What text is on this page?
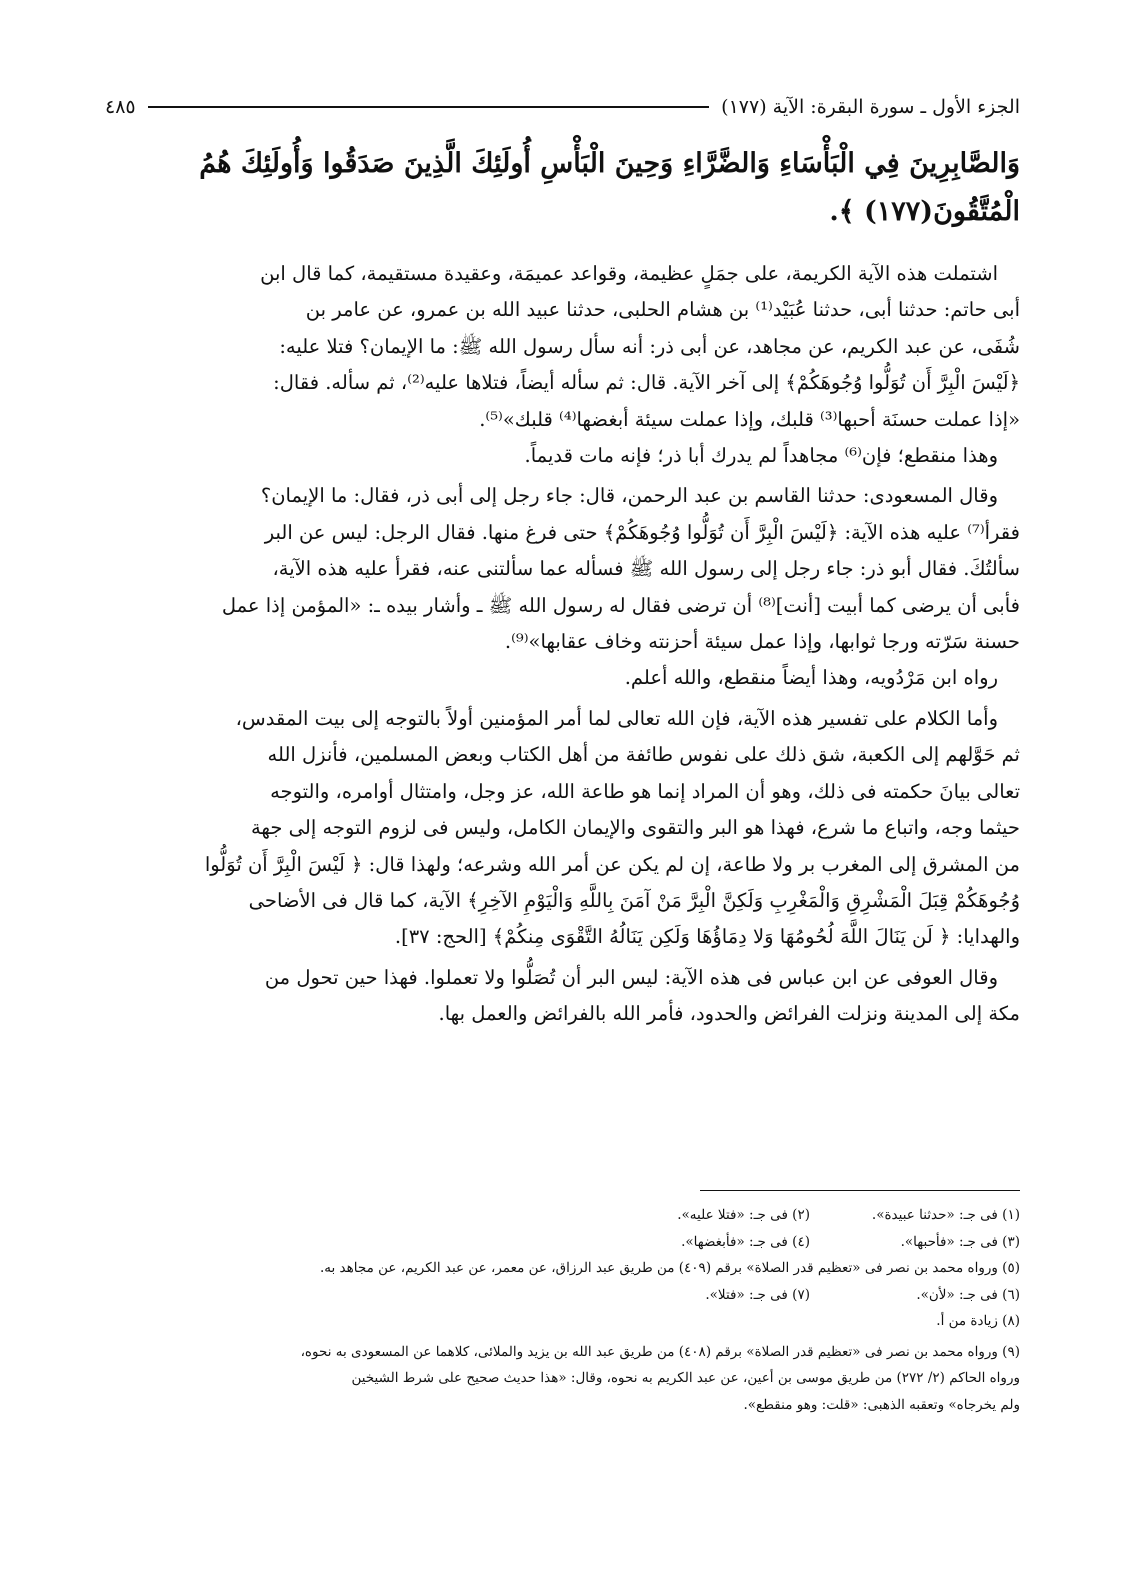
الجزء الأول ـ سورة البقرة: الآية (١٧٧)
٤٨٥
وَالصَّابِرِينَ فِي الْبَأْسَاءِ وَالضَّرَّاءِ وَحِينَ الْبَأْسِ أُولَئِكَ الَّذِينَ صَدَقُوا وَأُولَئِكَ هُمُ
الْمُتَّقُونَ(١٧٧) ﴾.

اشتملت هذه الآية الكريمة، على جمَلٍ عظيمة، وقواعد عميمَة، وعقيدة مستقيمة، كما قال ابن

أبى حاتم: حدثنا أبى، حدثنا عُبَيْد⁽¹⁾ بن هشام الحلبى، حدثنا عبيد الله بن عمرو، عن عامر بن

شُفَى، عن عبد الكريم، عن مجاهد، عن أبى ذر: أنه سأل رسول الله ﷺ: ما الإيمان؟ فتلا عليه:

﴿لَيْسَ الْبِرَّ أَن تُوَلُّوا وُجُوهَكُمْ﴾ إلى آخر الآية. قال: ثم سأله أيضاً، فتلاها عليه⁽²⁾، ثم سأله. فقال:

«إذا عملت حسنَة أحبها⁽³⁾ قلبك، وإذا عملت سيئة أبغضها⁽⁴⁾ قلبك»⁽⁵⁾.

وهذا منقطع؛ فإن⁽⁶⁾ مجاهداً لم يدرك أبا ذر؛ فإنه مات قديماً.

وقال المسعودى: حدثنا القاسم بن عبد الرحمن، قال: جاء رجل إلى أبى ذر، فقال: ما الإيمان؟

فقرأ⁽⁷⁾ عليه هذه الآية: ﴿لَيْسَ الْبِرَّ أَن تُوَلُّوا وُجُوهَكُمْ﴾ حتى فرغ منها. فقال الرجل: ليس عن البر

سألتُكَ. فقال أبو ذر: جاء رجل إلى رسول الله ﷺ فسأله عما سألتنى عنه، فقرأ عليه هذه الآية،

فأبى أن يرضى كما أبيت [أنت]⁽⁸⁾ أن ترضى فقال له رسول الله ﷺ ـ وأشار بيده ـ: «المؤمن إذا عمل

حسنة سَرّته ورجا ثوابها، وإذا عمل سيئة أحزنته وخاف عقابها»⁽⁹⁾.

رواه ابن مَرْدُويه، وهذا أيضاً منقطع، والله أعلم.

وأما الكلام على تفسير هذه الآية، فإن الله تعالى لما أمر المؤمنين أولاً بالتوجه إلى بيت المقدس،

ثم حَوَّلهم إلى الكعبة، شق ذلك على نفوس طائفة من أهل الكتاب وبعض المسلمين، فأنزل الله

تعالى بيانَ حكمته فى ذلك، وهو أن المراد إنما هو طاعة الله، عز وجل، وامتثال أوامره، والتوجه

حيثما وجه، واتباع ما شرع، فهذا هو البر والتقوى والإيمان الكامل، وليس فى لزوم التوجه إلى جهة

من المشرق إلى المغرب بر ولا طاعة، إن لم يكن عن أمر الله وشرعه؛ ولهذا قال: ﴿ لَيْسَ الْبِرَّ أَن تُوَلُّوا

وُجُوهَكُمْ قِبَلَ الْمَشْرِقِ وَالْمَغْرِبِ وَلَكِنَّ الْبِرَّ مَنْ آمَنَ بِاللَّهِ وَالْيَوْمِ الآخِرِ﴾ الآية، كما قال فى الأضاحى

والهدايا: ﴿ لَن يَنَالَ اللَّهَ لُحُومُهَا وَلا دِمَاؤُهَا وَلَكِن يَنَالُهُ التَّقْوَى مِنكُمْ﴾ [الحج: ٣٧].

وقال العوفى عن ابن عباس فى هذه الآية: ليس البر أن تُصَلُّوا ولا تعملوا. فهذا حين تحول من

مكة إلى المدينة ونزلت الفرائض والحدود، فأمر الله بالفرائض والعمل بها.

(١) فى جـ: «حدثنا عبيدة».
(٢) فى جـ: «فتلا عليه».
(٣) فى جـ: «فأحبها».
(٤) فى جـ: «فأبغضها».
(٥) ورواه محمد بن نصر فى «تعظيم قدر الصلاة» برقم (٤٠٩) من طريق عبد الرزاق، عن معمر، عن عبد الكريم، عن مجاهد به.
(٦) فى جـ: «لأن».
(٧) فى جـ: «فتلا».
(٨) زيادة من أ.
(٩) ورواه محمد بن نصر فى «تعظيم قدر الصلاة» برقم (٤٠٨) من طريق عبد الله بن يزيد والملائى، كلاهما عن المسعودى به نحوه،
ورواه الحاكم (٢/ ٢٧٢) من طريق موسى بن أعين، عن عبد الكريم به نحوه، وقال: «هذا حديث صحيح على شرط الشيخين
ولم يخرجاه» وتعقبه الذهبى: «قلت: وهو منقطع».
